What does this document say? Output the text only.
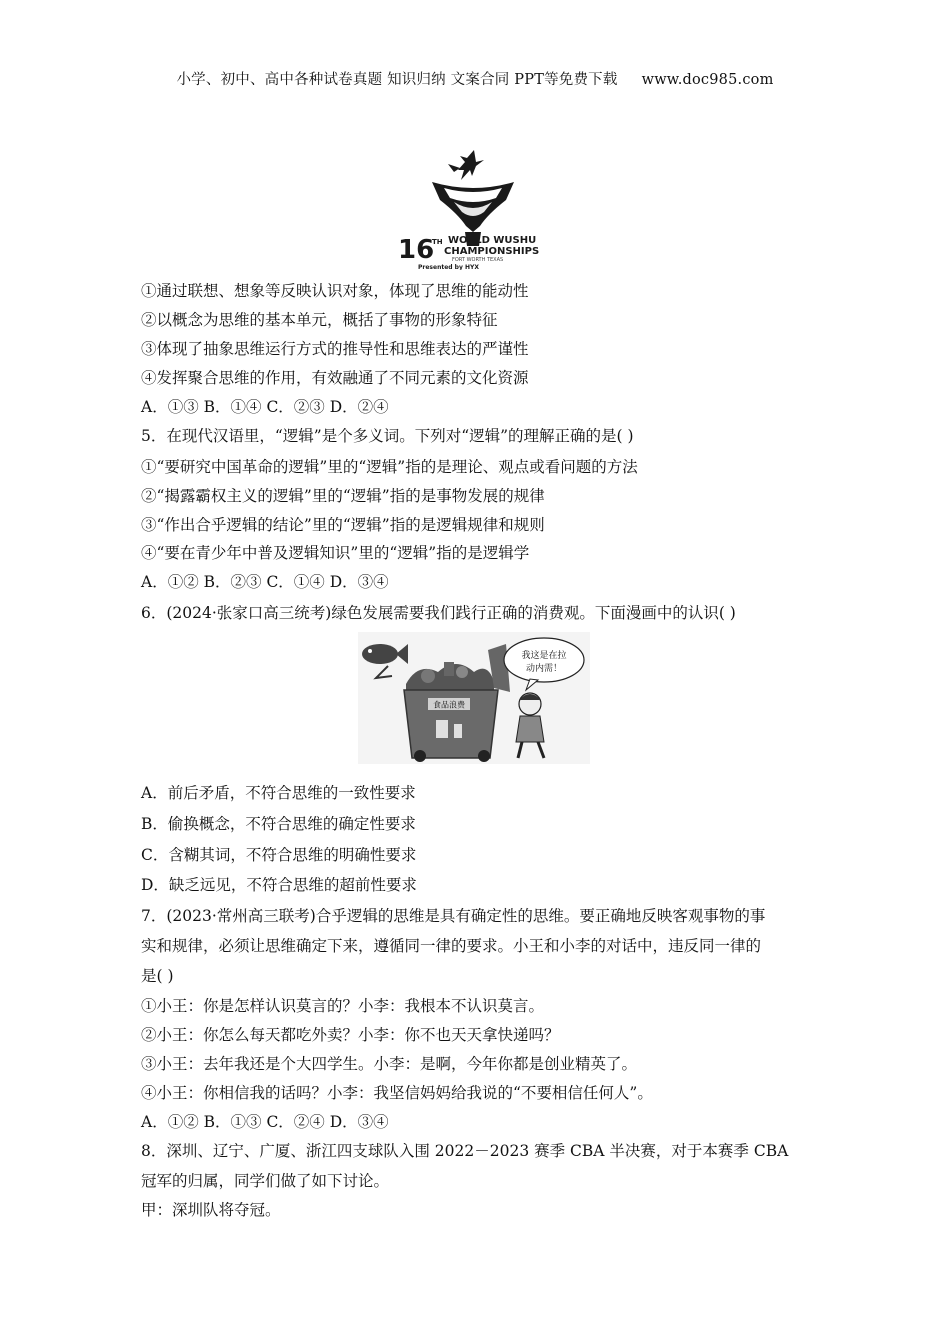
小学、初中、高中各种试卷真题 知识归纳 文案合同 PPT等免费下载 www.doc985.com
16
TH WORLD WUSHU
CHAMPIONSHIPS
FORT WORTH TEXAS
Presented by HYX
①通过联想、想象等反映认识对象，体现了思维的能动性
②以概念为思维的基本单元，概括了事物的形象特征
③体现了抽象思维运行方式的推导性和思维表达的严谨性
④发挥聚合思维的作用，有效融通了不同元素的文化资源
A．①③ B．①④ C．②③ D．②④
5．在现代汉语里，“逻辑”是个多义词。下列对“逻辑”的理解正确的是( )
①“要研究中国革命的逻辑”里的“逻辑”指的是理论、观点或看问题的方法
②“揭露霸权主义的逻辑”里的“逻辑”指的是事物发展的规律
③“作出合乎逻辑的结论”里的“逻辑”指的是逻辑规律和规则
④“要在青少年中普及逻辑知识”里的“逻辑”指的是逻辑学
A．①② B．②③ C．①④ D．③④
6．(2024·张家口高三统考)绿色发展需要我们践行正确的消费观。下面漫画中的认识( )
食品浪费
我这是在拉
动内需！
A．前后矛盾，不符合思维的一致性要求
B．偷换概念，不符合思维的确定性要求
C．含糊其词，不符合思维的明确性要求
D．缺乏远见，不符合思维的超前性要求
7．(2023·常州高三联考)合乎逻辑的思维是具有确定性的思维。要正确地反映客观事物的事
实和规律，必须让思维确定下来，遵循同一律的要求。小王和小李的对话中，违反同一律的
是( )
①小王：你是怎样认识莫言的？小李：我根本不认识莫言。
②小王：你怎么每天都吃外卖？小李：你不也天天拿快递吗？
③小王：去年我还是个大四学生。小李：是啊，今年你都是创业精英了。
④小王：你相信我的话吗？小李：我坚信妈妈给我说的“不要相信任何人”。
A．①② B．①③ C．②④ D．③④
8．深圳、辽宁、广厦、浙江四支球队入围 2022－2023 赛季 CBA 半决赛，对于本赛季 CBA
冠军的归属，同学们做了如下讨论。
甲：深圳队将夺冠。
